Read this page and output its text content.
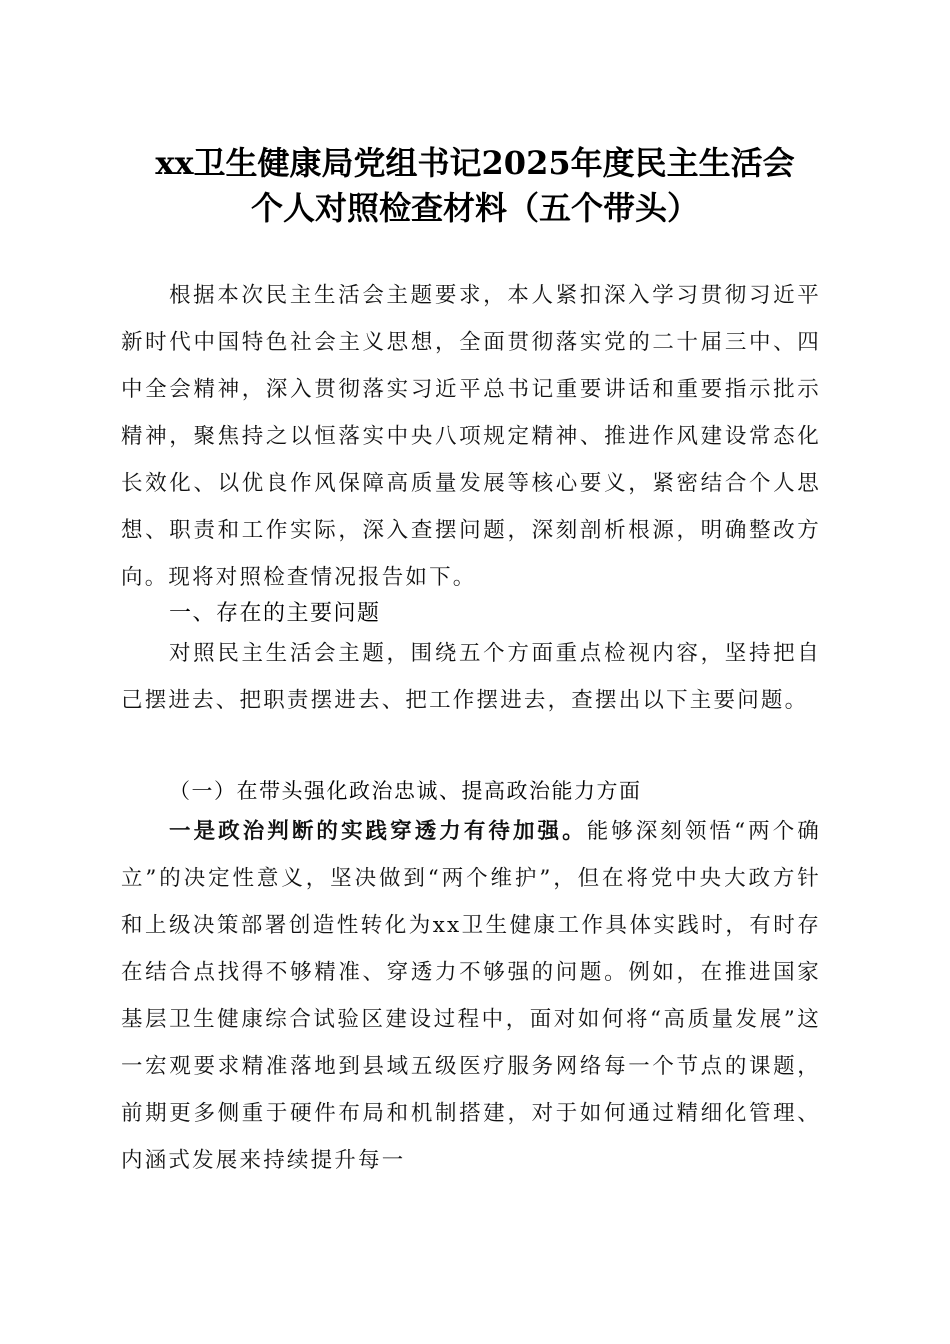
xx卫生健康局党组书记2025年度民主生活会
个人对照检查材料（五个带头）
根据本次民主生活会主题要求，本人紧扣深入学习贯彻习近平新时代中国特色社会主义思想，全面贯彻落实党的二十届三中、四中全会精神，深入贯彻落实习近平总书记重要讲话和重要指示批示精神，聚焦持之以恒落实中央八项规定精神、推进作风建设常态化长效化、以优良作风保障高质量发展等核心要义，紧密结合个人思想、职责和工作实际，深入查摆问题，深刻剖析根源，明确整改方向。现将对照检查情况报告如下。
一、存在的主要问题
对照民主生活会主题，围绕五个方面重点检视内容，坚持把自己摆进去、把职责摆进去、把工作摆进去，查摆出以下主要问题。
（一）在带头强化政治忠诚、提高政治能力方面
一是政治判断的实践穿透力有待加强。能够深刻领悟“两个确立”的决定性意义，坚决做到“两个维护”，但在将党中央大政方针和上级决策部署创造性转化为xx卫生健康工作具体实践时，有时存在结合点找得不够精准、穿透力不够强的问题。例如，在推进国家基层卫生健康综合试验区建设过程中，面对如何将“高质量发展”这一宏观要求精准落地到县域五级医疗服务网络每一个节点的课题，前期更多侧重于硬件布局和机制搭建，对于如何通过精细化管理、内涵式发展来持续提升每一
